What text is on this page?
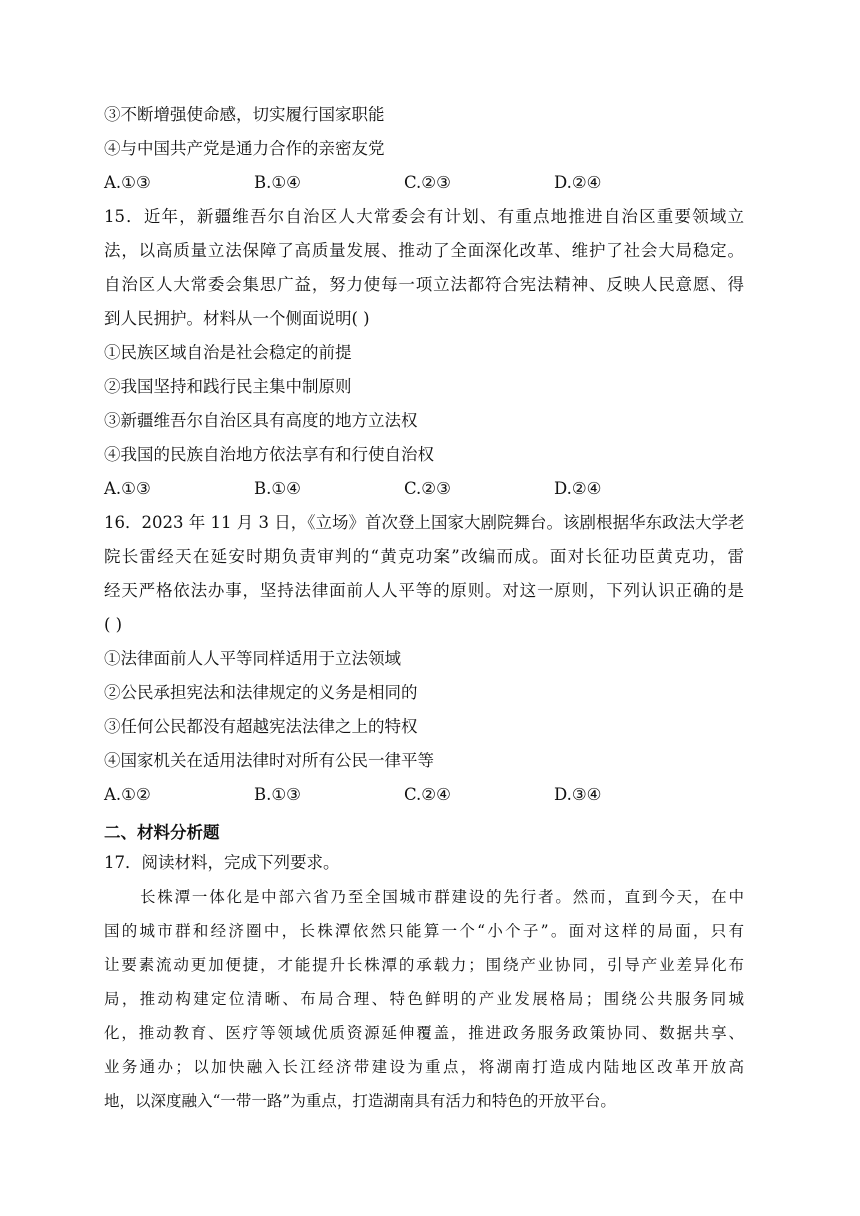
③不断增强使命感，切实履行国家职能
④与中国共产党是通力合作的亲密友党
A.①③	B.①④	C.②③	D.②④
15．近年，新疆维吾尔自治区人大常委会有计划、有重点地推进自治区重要领域立
法，以高质量立法保障了高质量发展、推动了全面深化改革、维护了社会大局稳定。
自治区人大常委会集思广益，努力使每一项立法都符合宪法精神、反映人民意愿、得
到人民拥护。材料从一个侧面说明( )
①民族区域自治是社会稳定的前提
②我国坚持和践行民主集中制原则
③新疆维吾尔自治区具有高度的地方立法权
④我国的民族自治地方依法享有和行使自治权
A.①③	B.①④	C.②③	D.②④
16．2023 年 11 月 3 日，《立场》首次登上国家大剧院舞台。该剧根据华东政法大学老
院长雷经天在延安时期负责审判的“黄克功案”改编而成。面对长征功臣黄克功，雷
经天严格依法办事，坚持法律面前人人平等的原则。对这一原则，下列认识正确的是
( )
①法律面前人人平等同样适用于立法领域
②公民承担宪法和法律规定的义务是相同的
③任何公民都没有超越宪法法律之上的特权
④国家机关在适用法律时对所有公民一律平等
A.①②	B.①③	C.②④	D.③④
二、材料分析题
17．阅读材料，完成下列要求。
长株潭一体化是中部六省乃至全国城市群建设的先行者。然而，直到今天，在中
国的城市群和经济圈中，长株潭依然只能算一个“小个子”。面对这样的局面，只有
让要素流动更加便捷，才能提升长株潭的承载力；围绕产业协同，引导产业差异化布
局，推动构建定位清晰、布局合理、特色鲜明的产业发展格局；围绕公共服务同城
化，推动教育、医疗等领域优质资源延伸覆盖，推进政务服务政策协同、数据共享、
业务通办；以加快融入长江经济带建设为重点，将湖南打造成内陆地区改革开放高
地，以深度融入“一带一路”为重点，打造湖南具有活力和特色的开放平台。
